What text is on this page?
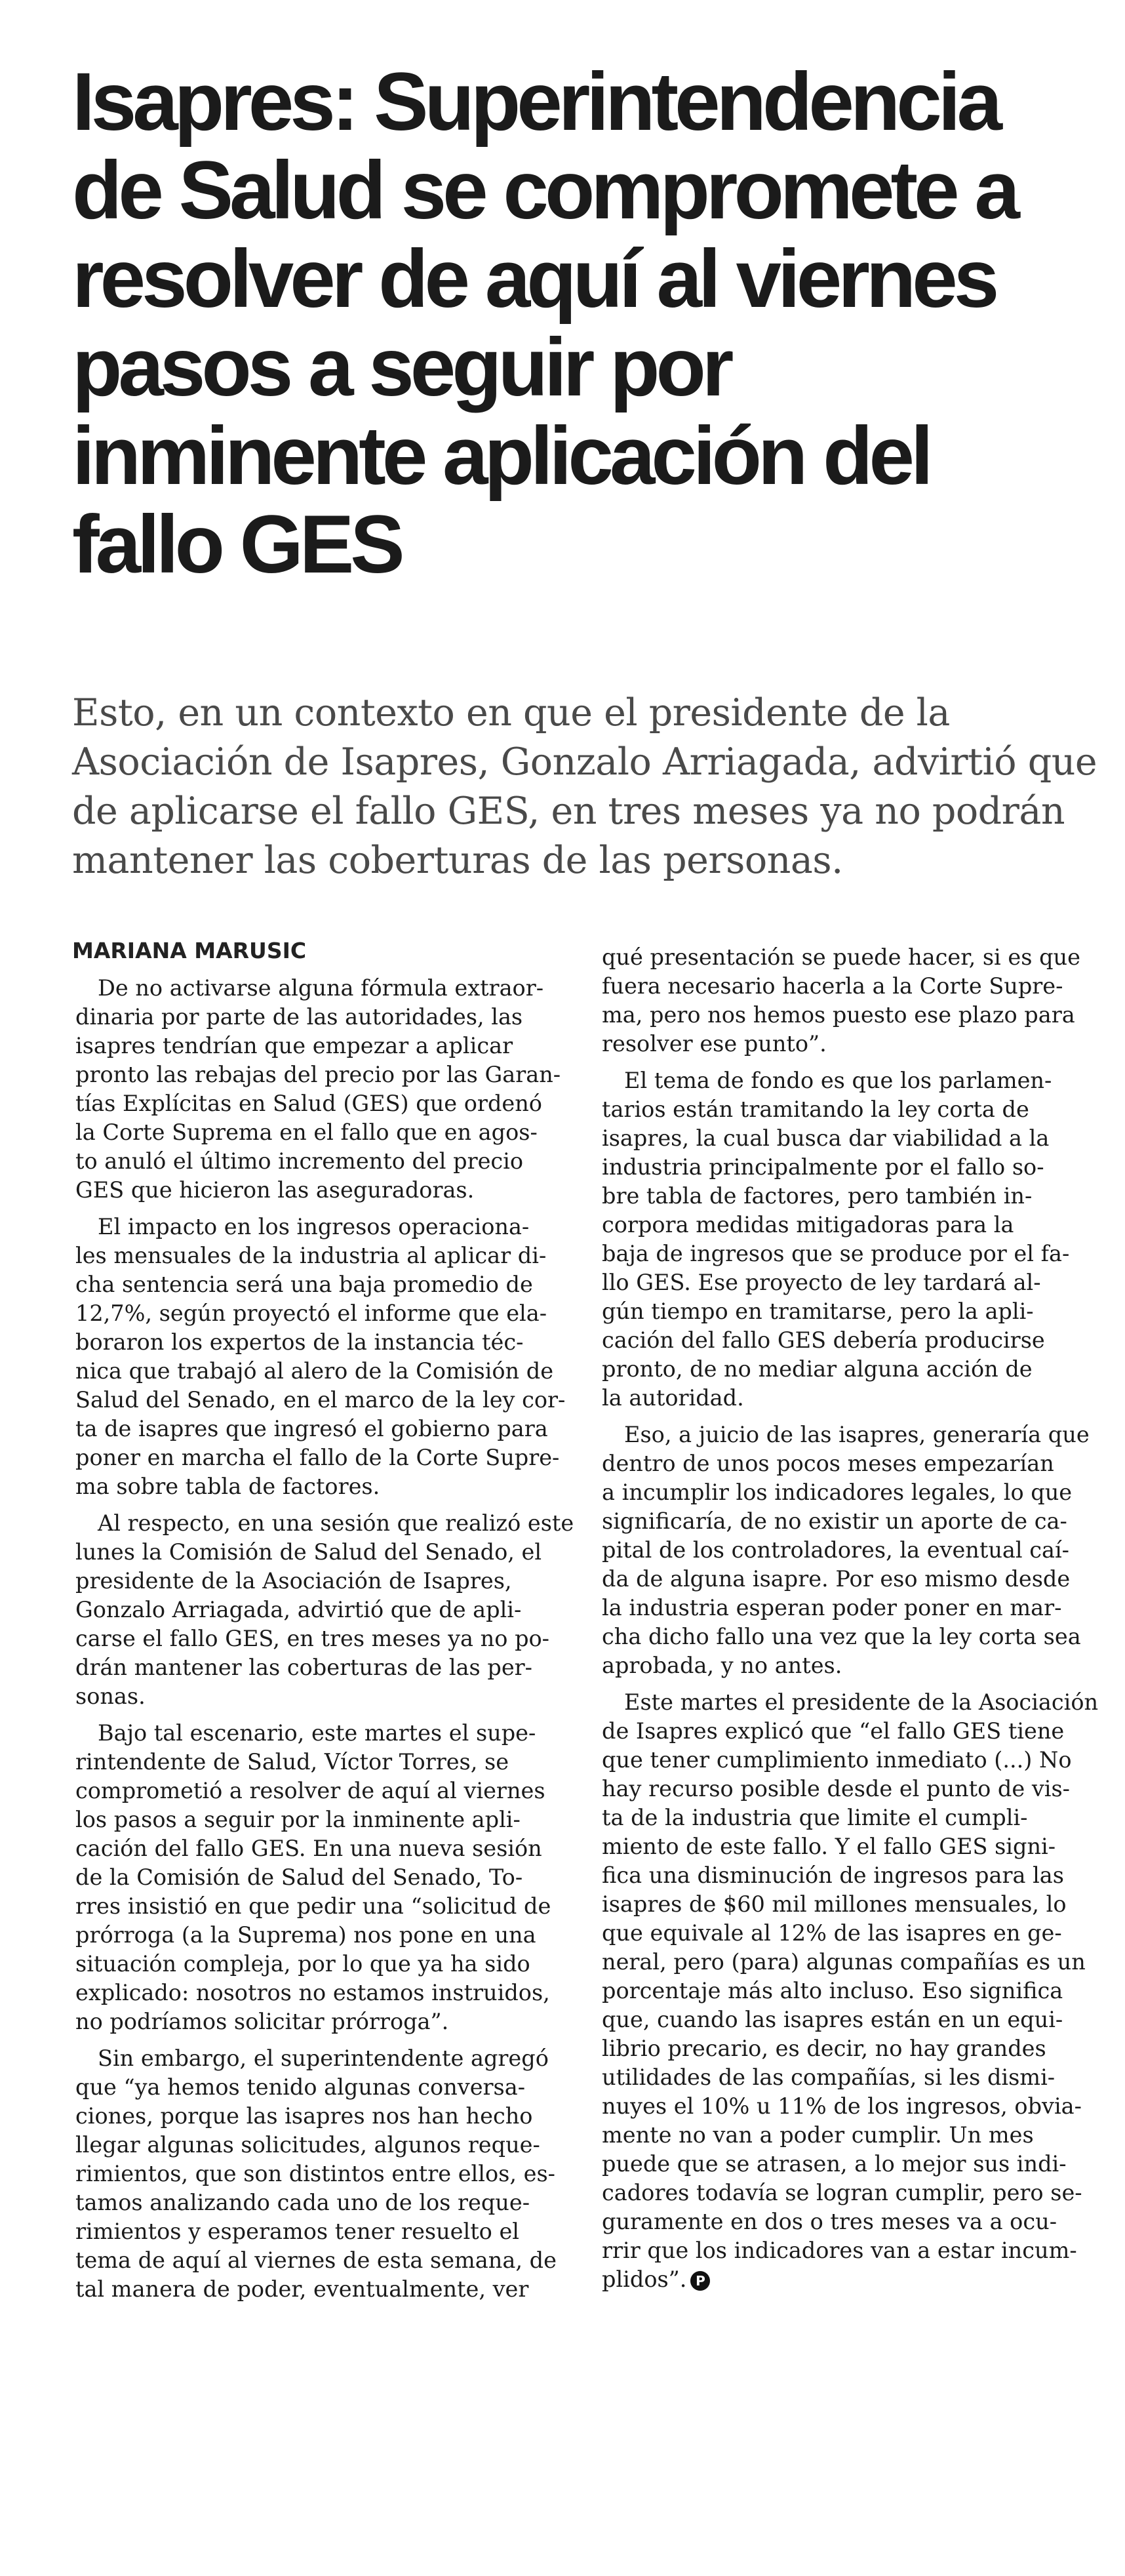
Isapres: Superintendencia
de Salud se compromete a
resolver de aquí al viernes
pasos a seguir por
inminente aplicación del
fallo GES
Esto, en un contexto en que el presidente de la
Asociación de Isapres, Gonzalo Arriagada, advirtió que
de aplicarse el fallo GES, en tres meses ya no podrán
mantener las coberturas de las personas.
MARIANA MARUSIC

De no activarse alguna fórmula extraor-
dinaria por parte de las autoridades, las
isapres tendrían que empezar a aplicar
pronto las rebajas del precio por las Garan-
tías Explícitas en Salud (GES) que ordenó
la Corte Suprema en el fallo que en agos-
to anuló el último incremento del precio
GES que hicieron las aseguradoras.

El impacto en los ingresos operaciona-
les mensuales de la industria al aplicar di-
cha sentencia será una baja promedio de
12,7%, según proyectó el informe que ela-
boraron los expertos de la instancia téc-
nica que trabajó al alero de la Comisión de
Salud del Senado, en el marco de la ley cor-
ta de isapres que ingresó el gobierno para
poner en marcha el fallo de la Corte Supre-
ma sobre tabla de factores.

Al respecto, en una sesión que realizó este
lunes la Comisión de Salud del Senado, el
presidente de la Asociación de Isapres,
Gonzalo Arriagada, advirtió que de apli-
carse el fallo GES, en tres meses ya no po-
drán mantener las coberturas de las per-
sonas.

Bajo tal escenario, este martes el supe-
rintendente de Salud, Víctor Torres, se
comprometió a resolver de aquí al viernes
los pasos a seguir por la inminente apli-
cación del fallo GES. En una nueva sesión
de la Comisión de Salud del Senado, To-
rres insistió en que pedir una “solicitud de
prórroga (a la Suprema) nos pone en una
situación compleja, por lo que ya ha sido
explicado: nosotros no estamos instruidos,
no podríamos solicitar prórroga”.

Sin embargo, el superintendente agregó
que “ya hemos tenido algunas conversa-
ciones, porque las isapres nos han hecho
llegar algunas solicitudes, algunos reque-
rimientos, que son distintos entre ellos, es-
tamos analizando cada uno de los reque-
rimientos y esperamos tener resuelto el
tema de aquí al viernes de esta semana, de
tal manera de poder, eventualmente, ver

qué presentación se puede hacer, si es que
fuera necesario hacerla a la Corte Supre-
ma, pero nos hemos puesto ese plazo para
resolver ese punto”.

El tema de fondo es que los parlamen-
tarios están tramitando la ley corta de
isapres, la cual busca dar viabilidad a la
industria principalmente por el fallo so-
bre tabla de factores, pero también in-
corpora medidas mitigadoras para la
baja de ingresos que se produce por el fa-
llo GES. Ese proyecto de ley tardará al-
gún tiempo en tramitarse, pero la apli-
cación del fallo GES debería producirse
pronto, de no mediar alguna acción de
la autoridad.

Eso, a juicio de las isapres, generaría que
dentro de unos pocos meses empezarían
a incumplir los indicadores legales, lo que
significaría, de no existir un aporte de ca-
pital de los controladores, la eventual caí-
da de alguna isapre. Por eso mismo desde
la industria esperan poder poner en mar-
cha dicho fallo una vez que la ley corta sea
aprobada, y no antes.

Este martes el presidente de la Asociación
de Isapres explicó que “el fallo GES tiene
que tener cumplimiento inmediato (...) No
hay recurso posible desde el punto de vis-
ta de la industria que limite el cumpli-
miento de este fallo. Y el fallo GES signi-
fica una disminución de ingresos para las
isapres de $60 mil millones mensuales, lo
que equivale al 12% de las isapres en ge-
neral, pero (para) algunas compañías es un
porcentaje más alto incluso. Eso significa
que, cuando las isapres están en un equi-
librio precario, es decir, no hay grandes
utilidades de las compañías, si les dismi-
nuyes el 10% u 11% de los ingresos, obvia-
mente no van a poder cumplir. Un mes
puede que se atrasen, a lo mejor sus indi-
cadores todavía se logran cumplir, pero se-
guramente en dos o tres meses va a ocu-
rrir que los indicadores van a estar incum-
plidos”. P
